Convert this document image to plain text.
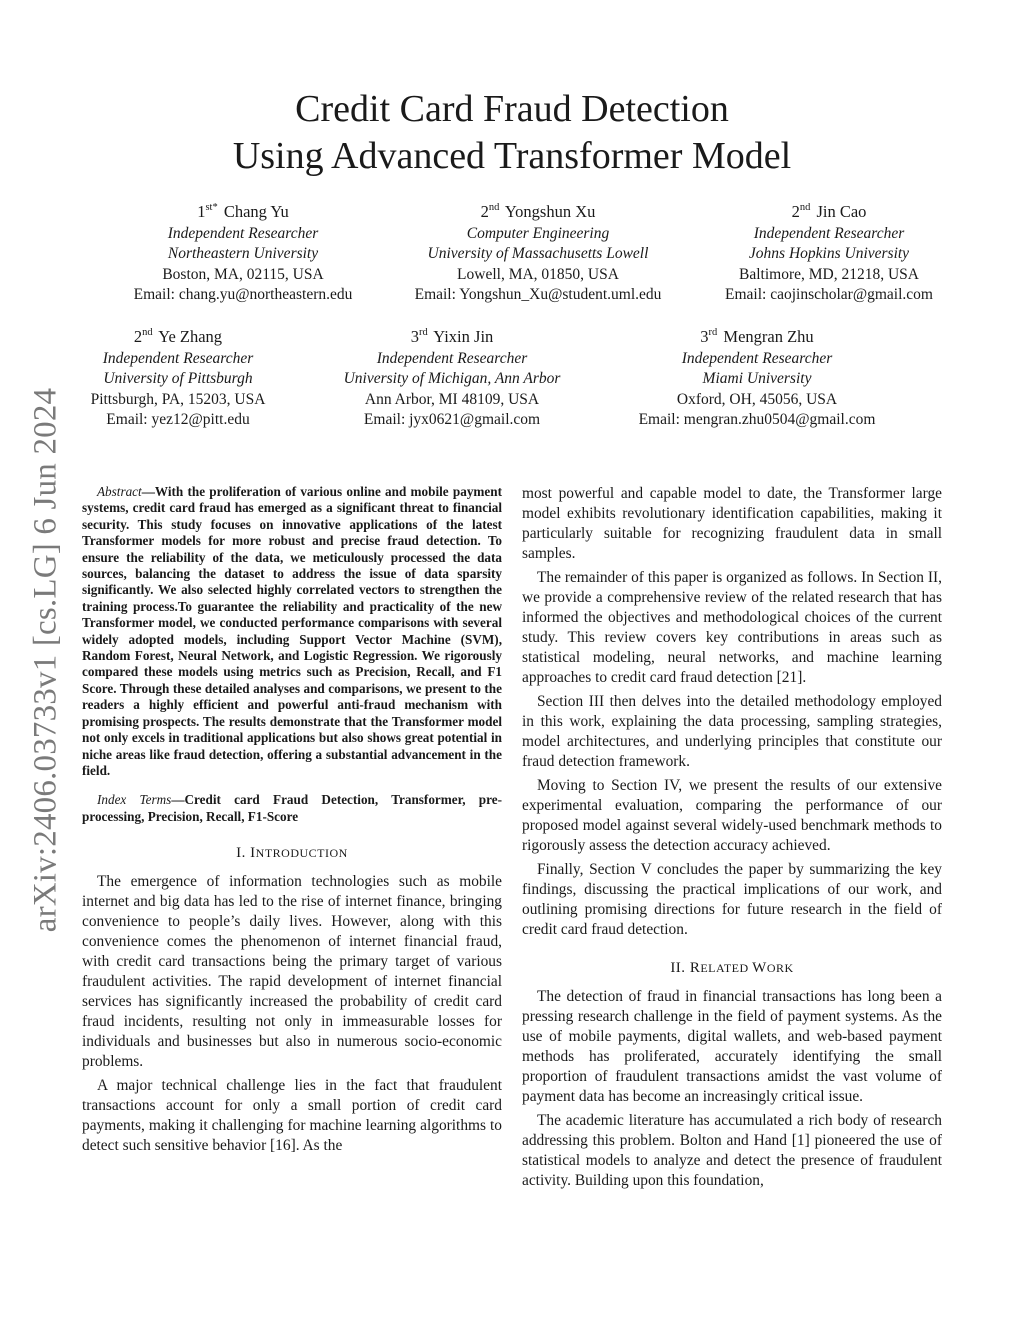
arXiv:2406.03733v1 [cs.LG] 6 Jun 2024
Credit Card Fraud Detection
Using Advanced Transformer Model
$1^{st*}$ Chang Yu
Independent Researcher
Northeastern University
Boston, MA, 02115, USA
Email: chang.yu@northeastern.edu
2nd Yongshun Xu
Computer Engineering
University of Massachusetts Lowell
Lowell, MA, 01850, USA
Email: Yongshun_Xu@student.uml.edu
2nd Jin Cao
Independent Researcher
Johns Hopkins University
Baltimore, MD, 21218, USA
Email: caojinscholar@gmail.com
2nd Ye Zhang
Independent Researcher
University of Pittsburgh
Pittsburgh, PA, 15203, USA
Email: yez12@pitt.edu
3rd Yixin Jin
Independent Researcher
University of Michigan, Ann Arbor
Ann Arbor, MI 48109, USA
Email: jyx0621@gmail.com
3rd Mengran Zhu
Independent Researcher
Miami University
Oxford, OH, 45056, USA
Email: mengran.zhu0504@gmail.com
Abstract—With the proliferation of various online and mobile payment systems, credit card fraud has emerged as a significant threat to financial security. This study focuses on innovative applications of the latest Transformer models for more robust and precise fraud detection. To ensure the reliability of the data, we meticulously processed the data sources, balancing the dataset to address the issue of data sparsity significantly. We also selected highly correlated vectors to strengthen the training process.To guarantee the reliability and practicality of the new Transformer model, we conducted performance comparisons with several widely adopted models, including Support Vector Machine (SVM), Random Forest, Neural Network, and Logistic Regression. We rigorously compared these models using metrics such as Precision, Recall, and F1 Score. Through these detailed analyses and comparisons, we present to the readers a highly efficient and powerful anti-fraud mechanism with promising prospects. The results demonstrate that the Transformer model not only excels in traditional applications but also shows great potential in niche areas like fraud detection, offering a substantial advancement in the field.
Index Terms—Credit card Fraud Detection, Transformer, pre-processing, Precision, Recall, F1-Score

I. INTRODUCTION

The emergence of information technologies such as mobile internet and big data has led to the rise of internet finance, bringing convenience to people’s daily lives. However, along with this convenience comes the phenomenon of internet financial fraud, with credit card transactions being the primary target of various fraudulent activities. The rapid development of internet financial services has significantly increased the probability of credit card fraud incidents, resulting not only in immeasurable losses for individuals and businesses but also in numerous socio-economic problems.

A major technical challenge lies in the fact that fraudulent transactions account for only a small portion of credit card payments, making it challenging for machine learning algorithms to detect such sensitive behavior [16]. As the

most powerful and capable model to date, the Transformer large model exhibits revolutionary identification capabilities, making it particularly suitable for recognizing fraudulent data in small samples.

The remainder of this paper is organized as follows. In Section II, we provide a comprehensive review of the related research that has informed the objectives and methodological choices of the current study. This review covers key contributions in areas such as statistical modeling, neural networks, and machine learning approaches to credit card fraud detection [21].

Section III then delves into the detailed methodology employed in this work, explaining the data processing, sampling strategies, model architectures, and underlying principles that constitute our fraud detection framework.

Moving to Section IV, we present the results of our extensive experimental evaluation, comparing the performance of our proposed model against several widely-used benchmark methods to rigorously assess the detection accuracy achieved.

Finally, Section V concludes the paper by summarizing the key findings, discussing the practical implications of our work, and outlining promising directions for future research in the field of credit card fraud detection.

II. RELATED WORK

The detection of fraud in financial transactions has long been a pressing research challenge in the field of payment systems. As the use of mobile payments, digital wallets, and web-based payment methods has proliferated, accurately identifying the small proportion of fraudulent transactions amidst the vast volume of payment data has become an increasingly critical issue.

The academic literature has accumulated a rich body of research addressing this problem. Bolton and Hand [1] pioneered the use of statistical models to analyze and detect the presence of fraudulent activity. Building upon this foundation,
